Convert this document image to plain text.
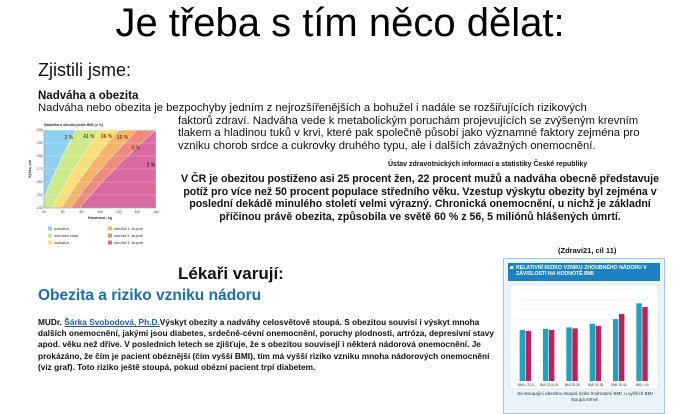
Je třeba s tím něco dělat:
Zjistili jsme:
Nadváha a obezita

Nadváha nebo obezita je bezpochyby jedním z nejrozšířenějších a bohužel i nadále se rozšiřujících rizikových
faktorů zdraví. Nadváha vede k metabolickým poruchám projevujících se zvýšeným krevním tlakem a hladinou tuků v krvi, které pak společně působí jako významné faktory zejména pro vzniku chorob srdce a cukrovky druhého typu, ale i dalších závažných onemocnění.

Nadváha a obezita podle BMI (v %)
2 % 41 % 36 % 15 %
5 %
2 %
40	60	80	100	120	140	160
140
150
160
170
180
190
200
Hmotnost, kg
Výška, cm
podváha
normální váha
nadváha
obezita 1. stupně
obezita 2. stupně
obezita 3. stupně

Ústav zdravotnických informací a statistiky České republiky

V ČR je obezitou postiženo asi 25 procent žen, 22 procent mužů a nadváha obecně představuje potíž pro více než 50 procent populace středního věku. Vzestup výskytu obezity byl zejména v poslední dekádě minulého století velmi výrazný. Chronická onemocnění, u nichž je základní příčinou právě obezita, způsobila ve světě 60 % z 56, 5 miliónů hlášených úmrtí.

(Zdraví21, cíl 11)

Lékaři varují:
Obezita a riziko vzniku nádoru

MUDr. Šárka Svobodová, Ph.D.Výskyt obezity a nadváhy celosvětově stoupá. S obezitou souvisí i výskyt mnoha dalších onemocnění, jakými jsou diabetes, srdečně-cévní onemocnění, poruchy plodnosti, artróza, depresivní stavy apod. věku než dříve. V posledních letech se zjišťuje, že s obezitou souvisejí i některá nádorová onemocnění. Je prokázáno, že čím je pacient obéznější (čím vyšší BMI), tím má vyšší riziko vzniku mnoha nádorových onemocnění (viz graf). Toto riziko ještě stoupá, pokud obézní pacient trpí diabetem.

BMI < 22,5 BMI 22,5-25 BMI 25-30 BMI 30-35 BMI 35-40	BMI > 40

RELATIVNÍ RIZIKO VZNIKU ZHOUBNÉHO NÁDORU V ZÁVISLOSTI NA HODNOTĚ BMI

Se stoupající obezitou stoupá riziko hodnotami BMI, u vyšších BMI stoupá strmě.
